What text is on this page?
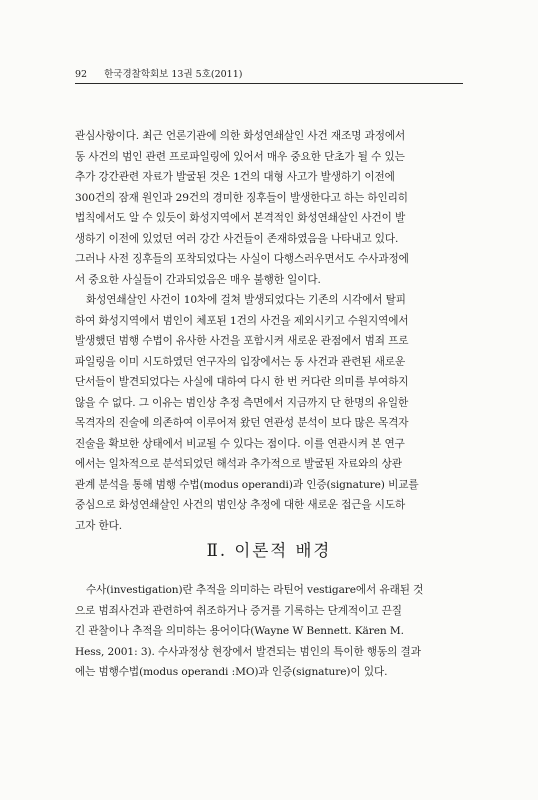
92 한국경찰학회보 13권 5호(2011)
관심사항이다. 최근 언론기관에 의한 화성연쇄살인 사건 재조명 과정에서
동 사건의 범인 관련 프로파일링에 있어서 매우 중요한 단초가 될 수 있는
추가 강간관련 자료가 발굴된 것은 1건의 대형 사고가 발생하기 이전에
300건의 잠재 원인과 29건의 경미한 징후들이 발생한다고 하는 하인리히
법칙에서도 알 수 있듯이 화성지역에서 본격적인 화성연쇄살인 사건이 발
생하기 이전에 있었던 여러 강간 사건들이 존재하였음을 나타내고 있다.
그러나 사전 징후들의 포착되었다는 사실이 다행스러우면서도 수사과정에
서 중요한 사실들이 간과되었음은 매우 불행한 일이다.
화성연쇄살인 사건이 10차에 걸쳐 발생되었다는 기존의 시각에서 탈피
하여 화성지역에서 범인이 체포된 1건의 사건을 제외시키고 수원지역에서
발생했던 범행 수법이 유사한 사건을 포함시켜 새로운 관점에서 범죄 프로
파일링을 이미 시도하였던 연구자의 입장에서는 동 사건과 관련된 새로운
단서들이 발견되었다는 사실에 대하여 다시 한 번 커다란 의미를 부여하지
않을 수 없다. 그 이유는 범인상 추정 측면에서 지금까지 단 한명의 유일한
목격자의 진술에 의존하여 이루어져 왔던 연관성 분석이 보다 많은 목격자
진술을 확보한 상태에서 비교될 수 있다는 점이다. 이를 연관시켜 본 연구
에서는 일차적으로 분석되었던 해석과 추가적으로 발굴된 자료와의 상관
관계 분석을 통해 범행 수법(modus operandi)과 인증(signature) 비교를
중심으로 화성연쇄살인 사건의 범인상 추정에 대한 새로운 접근을 시도하
고자 한다.
Ⅱ. 이론적 배경
수사(investigation)란 추적을 의미하는 라틴어 vestigare에서 유래된 것
으로 범죄사건과 관련하여 취조하거나 증거를 기록하는 단계적이고 끈질
긴 관찰이나 추적을 의미하는 용어이다(Wayne W Bennett. Kären M.
Hess, 2001: 3). 수사과정상 현장에서 발견되는 범인의 특이한 행동의 결과
에는 범행수법(modus operandi :MO)과 인증(signature)이 있다.
